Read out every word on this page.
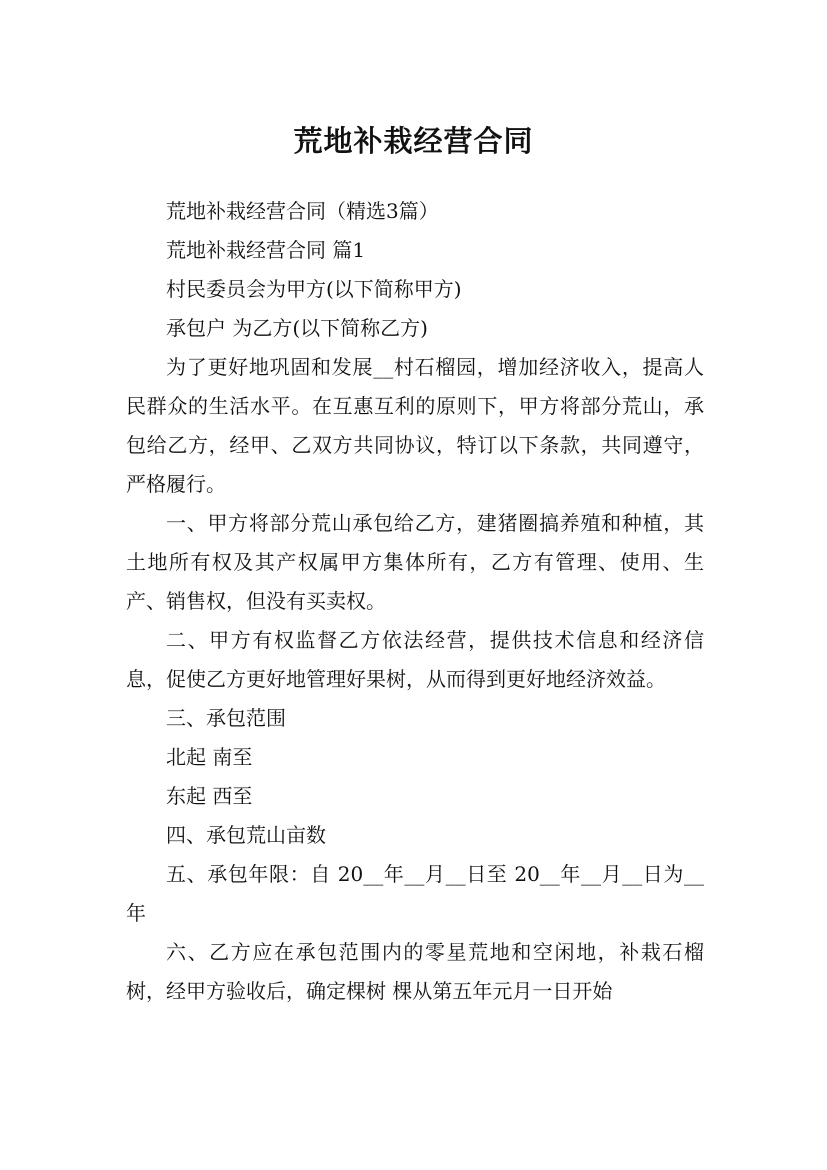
荒地补栽经营合同

荒地补栽经营合同（精选3篇）

荒地补栽经营合同 篇1

村民委员会为甲方(以下简称甲方)

承包户 为乙方(以下简称乙方)

为了更好地巩固和发展__村石榴园，增加经济收入，提高人民群众的生活水平。在互惠互利的原则下，甲方将部分荒山，承包给乙方，经甲、乙双方共同协议，特订以下条款，共同遵守，严格履行。

一、甲方将部分荒山承包给乙方，建猪圈搞养殖和种植，其土地所有权及其产权属甲方集体所有，乙方有管理、使用、生产、销售权，但没有买卖权。

二、甲方有权监督乙方依法经营，提供技术信息和经济信息，促使乙方更好地管理好果树，从而得到更好地经济效益。

三、承包范围

北起 南至

东起 西至

四、承包荒山亩数

五、承包年限：自 20__年__月__日至 20__年__月__日为__年

六、乙方应在承包范围内的零星荒地和空闲地，补栽石榴树，经甲方验收后，确定棵树 棵从第五年元月一日开始
